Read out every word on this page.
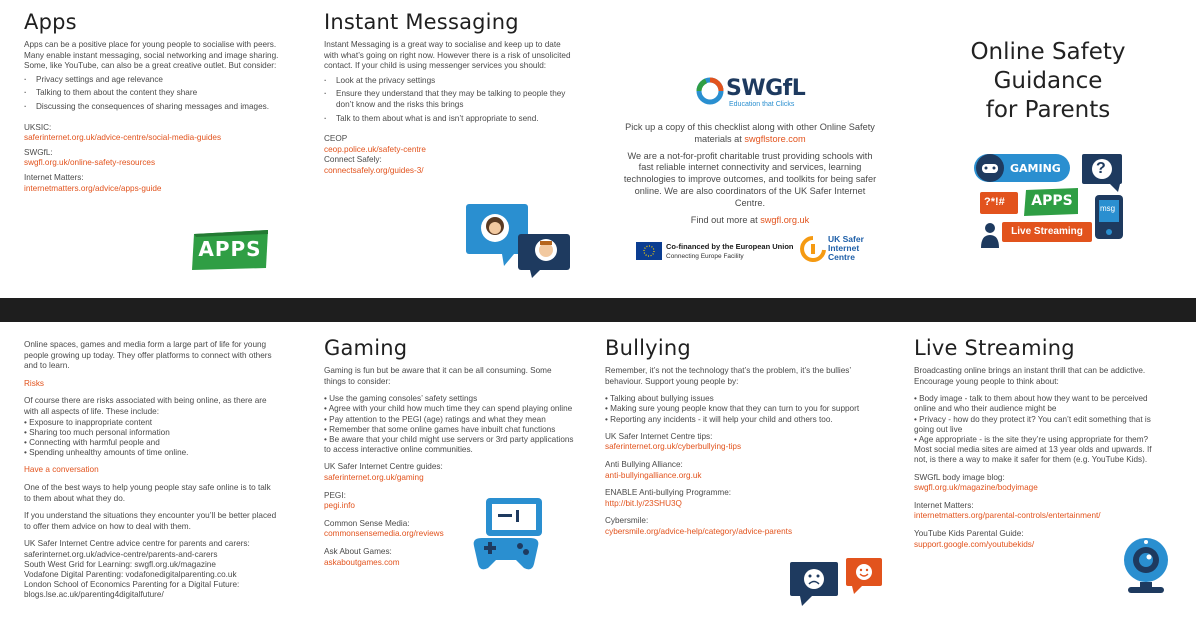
Apps

Apps can be a positive place for young people to socialise with peers. Many enable instant messaging, social networking and image sharing.

Some, like YouTube, can also be a great creative outlet. But consider:

· Privacy settings and age relevance
· Talking to them about the content they share
· Discussing the consequences of sharing messages and images.
UKSIC:
saferinternet.org.uk/advice-centre/social-media-guides
SWGfL:
swgfl.org.uk/online-safety-resources
Internet Matters:
internetmatters.org/advice/apps-guide
APPS
Instant Messaging

Instant Messaging is a great way to socialise and keep up to date with what’s going on right now. However there is a risk of unsolicited contact. If your child is using messenger services you should:

· Look at the privacy settings
· Ensure they understand that they may be talking to people they don’t know and the risks this brings
· Talk to them about what is and isn’t appropriate to send.
CEOP
ceop.police.uk/safety-centre
Connect Safely:
connectsafely.org/guides-3/
SWGfL
Education that Clicks

Pick up a copy of this checklist along with other Online Safety materials at swgflstore.com

We are a not-for-profit charitable trust providing schools with fast reliable internet connectivity and services, learning technologies to improve outcomes, and toolkits for being safer online. We are also coordinators of the UK Safer Internet Centre.

Find out more at swgfl.org.uk

Co-financed by the European Union
Connecting Europe Facility
UK Safer
Internet
Centre
Online Safety
Guidance
for Parents
GAMING ?
?*!#	APPS	msg
Live Streaming

Online spaces, games and media form a large part of life for young people growing up today. They offer platforms to connect with others and to learn.

Risks

Of course there are risks associated with being online, as there are with all aspects of life. These include:

• Exposure to inappropriate content
• Sharing too much personal information
• Connecting with harmful people and
• Spending unhealthy amounts of time online.
Have a conversation

One of the best ways to help young people stay safe online is to talk to them about what they do.

If you understand the situations they encounter you’ll be better placed to offer them advice on how to deal with them.

UK Safer Internet Centre advice centre for parents and carers:
saferinternet.org.uk/advice-centre/parents-and-carers
South West Grid for Learning: swgfl.org.uk/magazine
Vodafone Digital Parenting: vodafonedigitalparenting.co.uk
London School of Economics Parenting for a Digital Future:
blogs.lse.ac.uk/parenting4digitalfuture/
Gaming

Gaming is fun but be aware that it can be all consuming. Some things to consider:

• Use the gaming consoles’ safety settings
• Agree with your child how much time they can spend playing online
• Pay attention to the PEGI (age) ratings and what they mean
• Remember that some online games have inbuilt chat functions
• Be aware that your child might use servers or 3rd party applications to access interactive online communities.
UK Safer Internet Centre guides:
saferinternet.org.uk/gaming
PEGI:
pegi.info
Common Sense Media:
commonsensemedia.org/reviews
Ask About Games:
askaboutgames.com
Bullying

Remember, it’s not the technology that’s the problem, it’s the bullies’ behaviour. Support young people by:

• Talking about bullying issues
• Making sure young people know that they can turn to you for support
• Reporting any incidents - it will help your child and others too.
UK Safer Internet Centre tips:
saferinternet.org.uk/cyberbullying-tips
Anti Bullying Alliance:
anti-bullyingalliance.org.uk
ENABLE Anti-bullying Programme:
http://bit.ly/23SHU3Q
Cybersmile:
cybersmile.org/advice-help/category/advice-parents
Live Streaming

Broadcasting online brings an instant thrill that can be addictive. Encourage young people to think about:

• Body image - talk to them about how they want to be perceived online and who their audience might be
• Privacy - how do they protect it? You can’t edit something that is going out live
• Age appropriate - is the site they’re using appropriate for them? Most social media sites are aimed at 13 year olds and upwards. If not, is there a way to make it safer for them (e.g. YouTube Kids).
SWGfL body image blog:
swgfl.org.uk/magazine/bodyimage
Internet Matters:
internetmatters.org/parental-controls/entertainment/
YouTube Kids Parental Guide:
support.google.com/youtubekids/
